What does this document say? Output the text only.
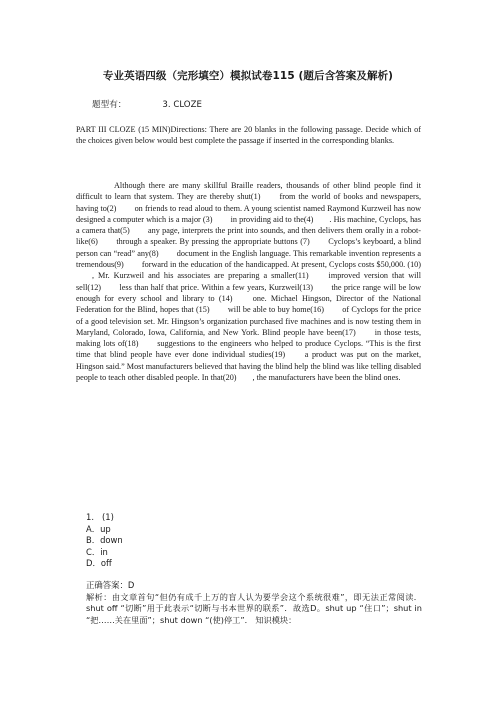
专业英语四级（完形填空）模拟试卷115 (题后含答案及解析)
题型有：	3. CLOZE
PART III CLOZE (15 MIN)Directions: There are 20 blanks in the following passage. Decide which of the choices given below would best complete the passage if inserted in the corresponding blanks.
Although there are many skillful Braille readers, thousands of other blind people find it difficult to learn that system. They are thereby shut(1) from the world of books and newspapers, having to(2) on friends to read aloud to them. A young scientist named Raymond Kurzweil has now designed a computer which is a major (3) in providing aid to the(4) . His machine, Cyclops, has a camera that(5) any page, interprets the print into sounds, and then delivers them orally in a robot-like(6) through a speaker. By pressing the appropriate buttons (7) Cyclops’s keyboard, a blind person can “read” any(8) document in the English language. This remarkable invention represents a tremendous(9) forward in the education of the handicapped. At present, Cyclops costs $50,000. (10), Mr. Kurzweil and his associates are preparing a smaller(11) improved version that will sell(12) less than half that price. Within a few years, Kurzweil(13) the price range will be low enough for every school and library to (14) one. Michael Hingson, Director of the National Federation for the Blind, hopes that (15) will be able to buy home(16) of Cyclops for the price of a good television set. Mr. Hingson’s organization purchased five machines and is now testing them in Maryland, Colorado, Iowa, California, and New York. Blind people have been(17) in those tests, making lots of(18) suggestions to the engineers who helped to produce Cyclops. “This is the first time that blind people have ever done individual studies(19) a product was put on the market, Hingson said.” Most manufacturers believed that having the blind help the blind was like telling disabled people to teach other disabled people. In that(20) , the manufacturers have been the blind ones.
1. (1)
A．up
B．down
C．in
D．off
正确答案：D
解析：由文章首句“但仍有成千上万的盲人认为要学会这个系统很难”，即无法正常阅读．shut off “切断”用于此表示“切断与书本世界的联系”．故选D。shut up “住口”；shut in “把……关在里面”；shut down “(使)停工”． 知识模块：
